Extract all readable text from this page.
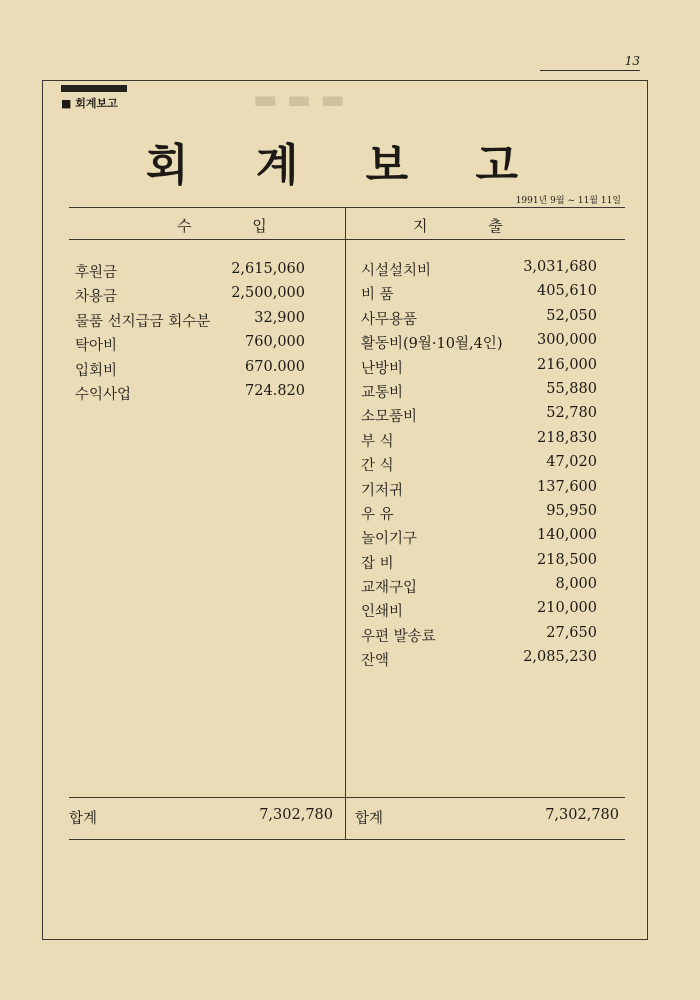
13
▬ ▬ ▬
■ 회계보고
회 계 보 고
1991년 9월 ~ 11월 11일
수 입	지 출
후원금	2,615,060
차용금	2,500,000
물품 선지급금 회수분	32,900
탁아비	760,000
입회비	670.000
수익사업	724.820
시설설치비	3,031,680
비 품	405,610
사무용품	52,050
활동비(9월·10월,4인) 300,000
난방비	216,000
교통비	55,880
소모품비	52,780
부 식	218,830
간 식	47,020
기저귀	137,600
우 유	95,950
놀이기구	140,000
잡 비	218,500
교재구입	8,000
인쇄비	210,000
우편 발송료	27,650
잔액	2,085,230
합계	7,302,780 합계	7,302,780
